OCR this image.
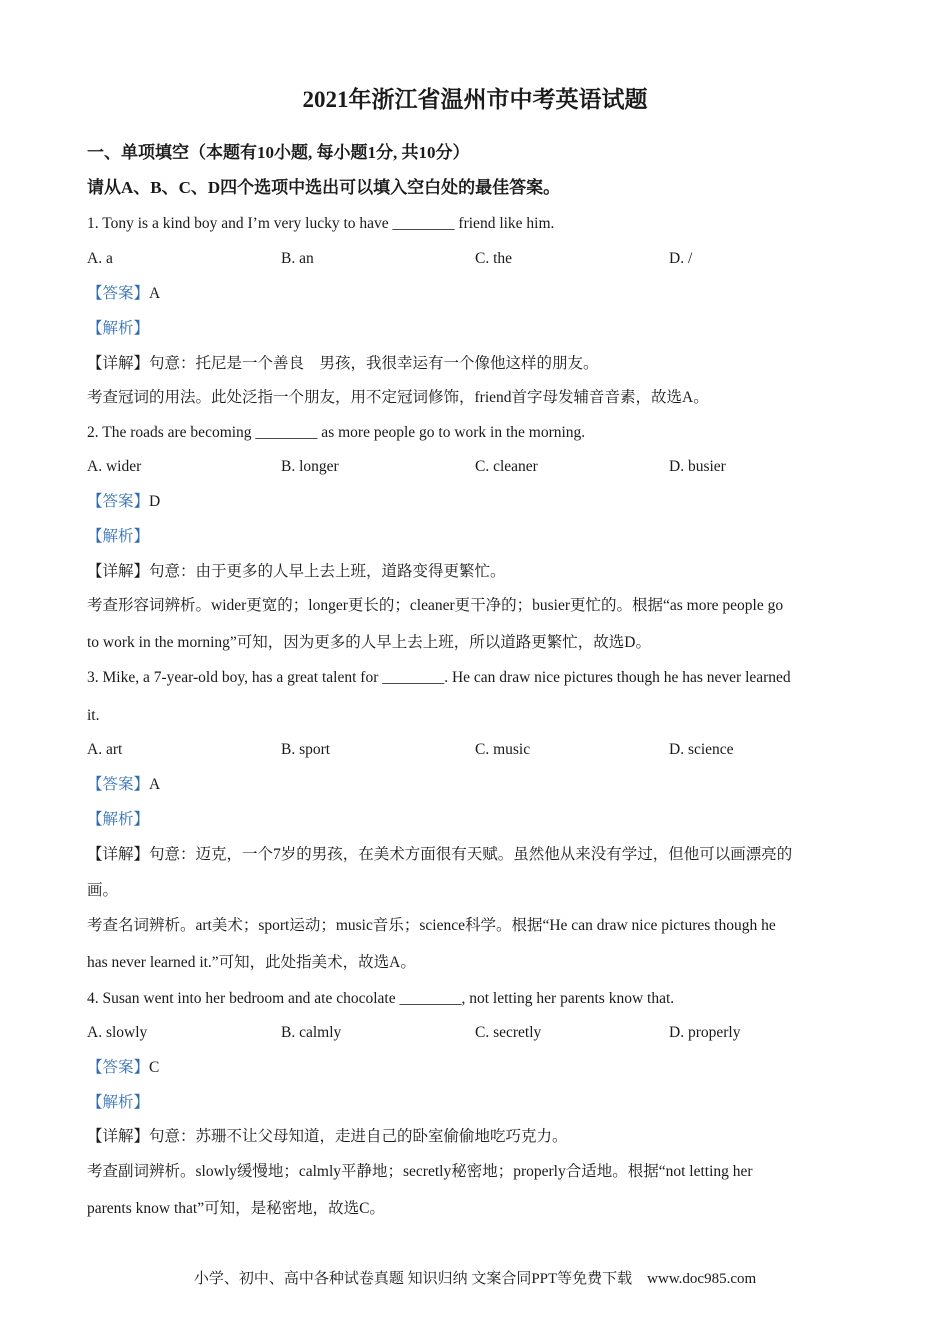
2021年浙江省温州市中考英语试题
一、单项填空（本题有10小题, 每小题1分, 共10分）
请从A、B、C、D四个选项中选出可以填入空白处的最佳答案。
1. Tony is a kind boy and I’m very lucky to have ________ friend like him.
A. a	B. an	C. the	D. /
【答案】A
【解析】
【详解】句意：托尼是一个善良　男孩，我很幸运有一个像他这样的朋友。
考查冠词的用法。此处泛指一个朋友，用不定冠词修饰，friend首字母发辅音音素，故选A。
2. The roads are becoming ________ as more people go to work in the morning.
A. wider	B. longer	C. cleaner	D. busier
【答案】D
【解析】
【详解】句意：由于更多的人早上去上班，道路变得更繁忙。
考查形容词辨析。wider更宽的；longer更长的；cleaner更干净的；busier更忙的。根据“as more people go
to work in the morning”可知，因为更多的人早上去上班，所以道路更繁忙，故选D。
3. Mike, a 7-year-old boy, has a great talent for ________. He can draw nice pictures though he has never learned
it.
A. art	B. sport	C. music	D. science
【答案】A
【解析】
【详解】句意：迈克，一个7岁的男孩，在美术方面很有天赋。虽然他从来没有学过，但他可以画漂亮的
画。
考查名词辨析。art美术；sport运动；music音乐；science科学。根据“He can draw nice pictures though he
has never learned it.”可知，此处指美术，故选A。
4. Susan went into her bedroom and ate chocolate ________, not letting her parents know that.
A. slowly	B. calmly	C. secretly	D. properly
【答案】C
【解析】
【详解】句意：苏珊不让父母知道，走进自己的卧室偷偷地吃巧克力。
考查副词辨析。slowly缓慢地；calmly平静地；secretly秘密地；properly合适地。根据“not letting her
parents know that”可知，是秘密地，故选C。
小学、初中、高中各种试卷真题 知识归纳 文案合同PPT等免费下载　www.doc985.com
